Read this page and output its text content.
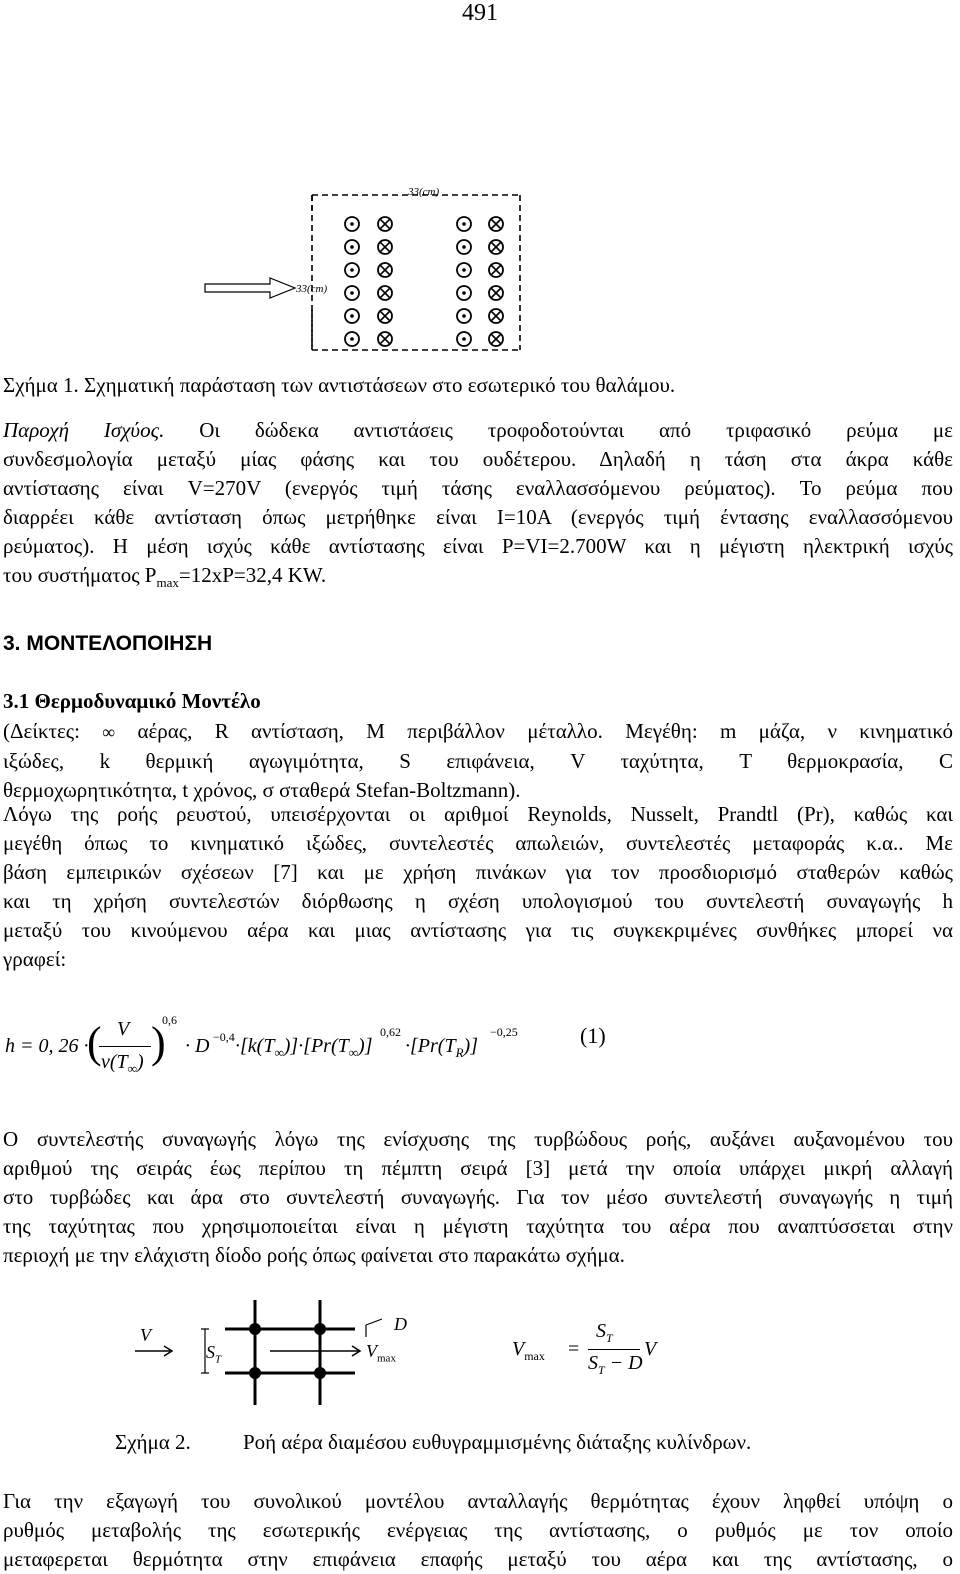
491
33(cm)
33(cm)
Σχήμα 1. Σχηματική παράσταση των αντιστάσεων στο εσωτερικό του θαλάμου.
Παροχή Ισχύος. Οι δώδεκα αντιστάσεις τροφοδοτούνται από τριφασικό ρεύμα με
συνδεσμολογία μεταξύ μίας φάσης και του ουδέτερου. Δηλαδή η τάση στα άκρα κάθε
αντίστασης είναι V=270V (ενεργός τιμή τάσης εναλλασσόμενου ρεύματος). Το ρεύμα που
διαρρέει κάθε αντίσταση όπως μετρήθηκε είναι I=10A (ενεργός τιμή έντασης εναλλασσόμενου
ρεύματος). Η μέση ισχύς κάθε αντίστασης είναι P=VI=2.700W και η μέγιστη ηλεκτρική ισχύς
του συστήματος $P_{max}=12xP=32,4$ KW.
3. ΜΟΝΤΕΛΟΠΟΙΗΣΗ
3.1 Θερμοδυναμικό Μοντέλο
(Δείκτες: ∞ αέρας, R αντίσταση, Μ περιβάλλον μέταλλο. Μεγέθη: m μάζα, ν κινηματικό
ιξώδες, k θερμική αγωγιμότητα, S επιφάνεια, V ταχύτητα, T θερμοκρασία, C
θερμοχωρητικότητα, t χρόνος, σ σταθερά Stefan-Boltzmann).
Λόγω της ροής ρευστού, υπεισέρχονται οι αριθμοί Reynolds, Nusselt, Prandtl (Pr), καθώς και
μεγέθη όπως το κινηματικό ιξώδες, συντελεστές απωλειών, συντελεστές μεταφοράς κ.α.. Με
βάση εμπειρικών σχέσεων [7] και με χρήση πινάκων για τον προσδιορισμό σταθερών καθώς
και τη χρήση συντελεστών διόρθωσης η σχέση υπολογισμού του συντελεστή συναγωγής h
μεταξύ του κινούμενου αέρα και μιας αντίστασης για τις συγκεκριμένες συνθήκες μπορεί να
γραφεί:
h = 0, 26 ·
( V
$\nu(T_\infty)$ )
0,6
· $D -0,4 \cdot[k(T_\infty)]\cdot[Pr(T_\infty)]$
0,62
$\cdot[Pr(T_R)]$
−0,25	(1)
Ο συντελεστής συναγωγής λόγω της ενίσχυσης της τυρβώδους ροής, αυξάνει αυξανομένου του
αριθμού της σειράς έως περίπου τη πέμπτη σειρά [3] μετά την οποία υπάρχει μικρή αλλαγή
στο τυρβώδες και άρα στο συντελεστή συναγωγής. Για τον μέσο συντελεστή συναγωγής η τιμή
της ταχύτητας που χρησιμοποιείται είναι η μέγιστη ταχύτητα του αέρα που αναπτύσσεται στην
περιοχή με την ελάχιστη δίοδο ροής όπως φαίνεται στο παρακάτω σχήμα.
V
$S_T$
D
$V_{max}$	$V_{max}$ =
$S_T$
$S_T - D$
V
Σχήμα 2. Ροή αέρα διαμέσου ευθυγραμμισμένης διάταξης κυλίνδρων.
Για την εξαγωγή του συνολικού μοντέλου ανταλλαγής θερμότητας έχουν ληφθεί υπόψη ο
ρυθμός μεταβολής της εσωτερικής ενέργειας της αντίστασης, ο ρυθμός με τον οποίο
μεταφερεται θερμότητα στην επιφάνεια επαφής μεταξύ του αέρα και της αντίστασης, ο
